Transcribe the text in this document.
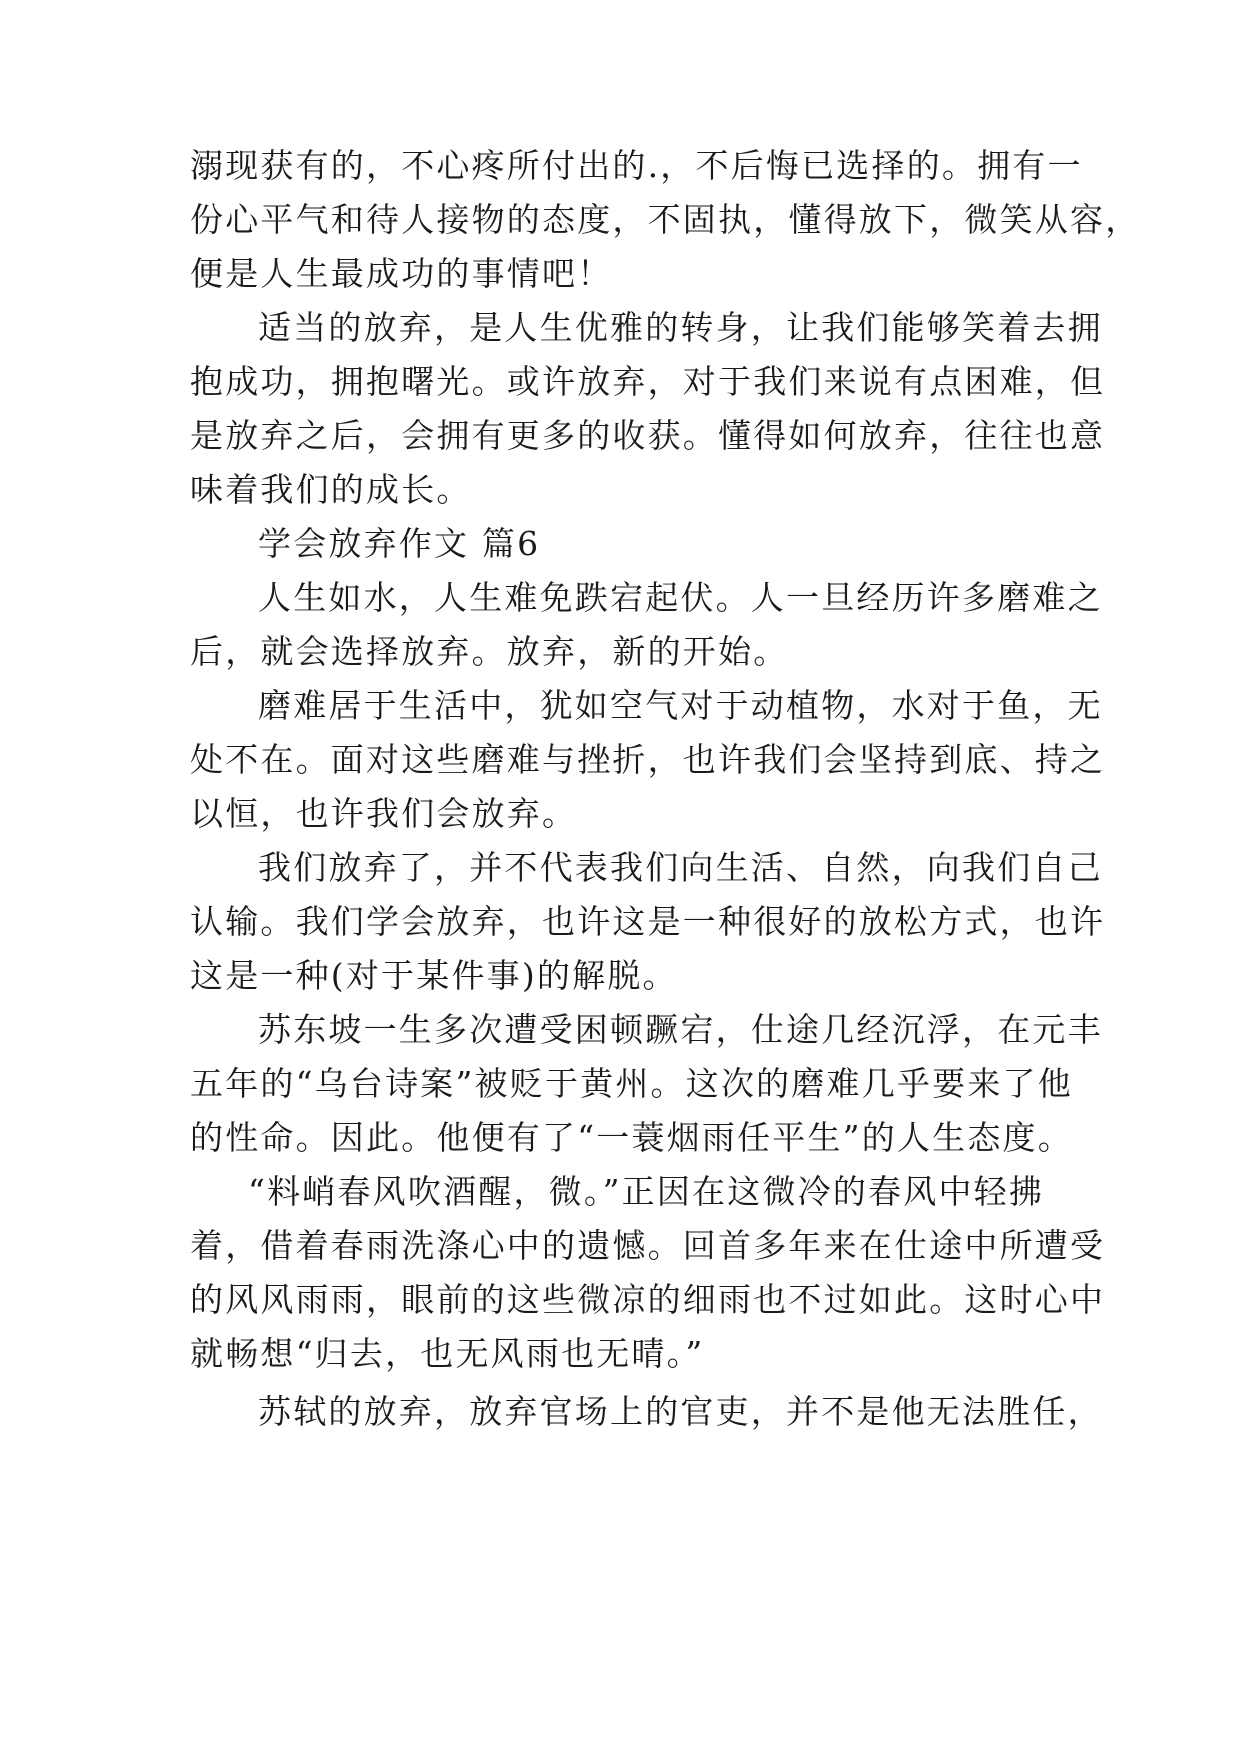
溺现获有的，不心疼所付出的.，不后悔已选择的。拥有一
份心平气和待人接物的态度，不固执，懂得放下，微笑从容，
便是人生最成功的事情吧！
适当的放弃，是人生优雅的转身，让我们能够笑着去拥
抱成功，拥抱曙光。或许放弃，对于我们来说有点困难，但
是放弃之后，会拥有更多的收获。懂得如何放弃，往往也意
味着我们的成长。
学会放弃作文 篇6
人生如水，人生难免跌宕起伏。人一旦经历许多磨难之
后，就会选择放弃。放弃，新的开始。
磨难居于生活中，犹如空气对于动植物，水对于鱼，无
处不在。面对这些磨难与挫折，也许我们会坚持到底、持之
以恒，也许我们会放弃。
我们放弃了，并不代表我们向生活、自然，向我们自己
认输。我们学会放弃，也许这是一种很好的放松方式，也许
这是一种(对于某件事)的解脱。
苏东坡一生多次遭受困顿蹶宕，仕途几经沉浮，在元丰
五年的“乌台诗案”被贬于黄州。这次的磨难几乎要来了他
的性命。因此。他便有了“一蓑烟雨任平生”的人生态度。
“料峭春风吹酒醒，微。”正因在这微冷的春风中轻拂
着，借着春雨洗涤心中的遗憾。回首多年来在仕途中所遭受
的风风雨雨，眼前的这些微凉的细雨也不过如此。这时心中
就畅想“归去，也无风雨也无晴。”
苏轼的放弃，放弃官场上的官吏，并不是他无法胜任，
